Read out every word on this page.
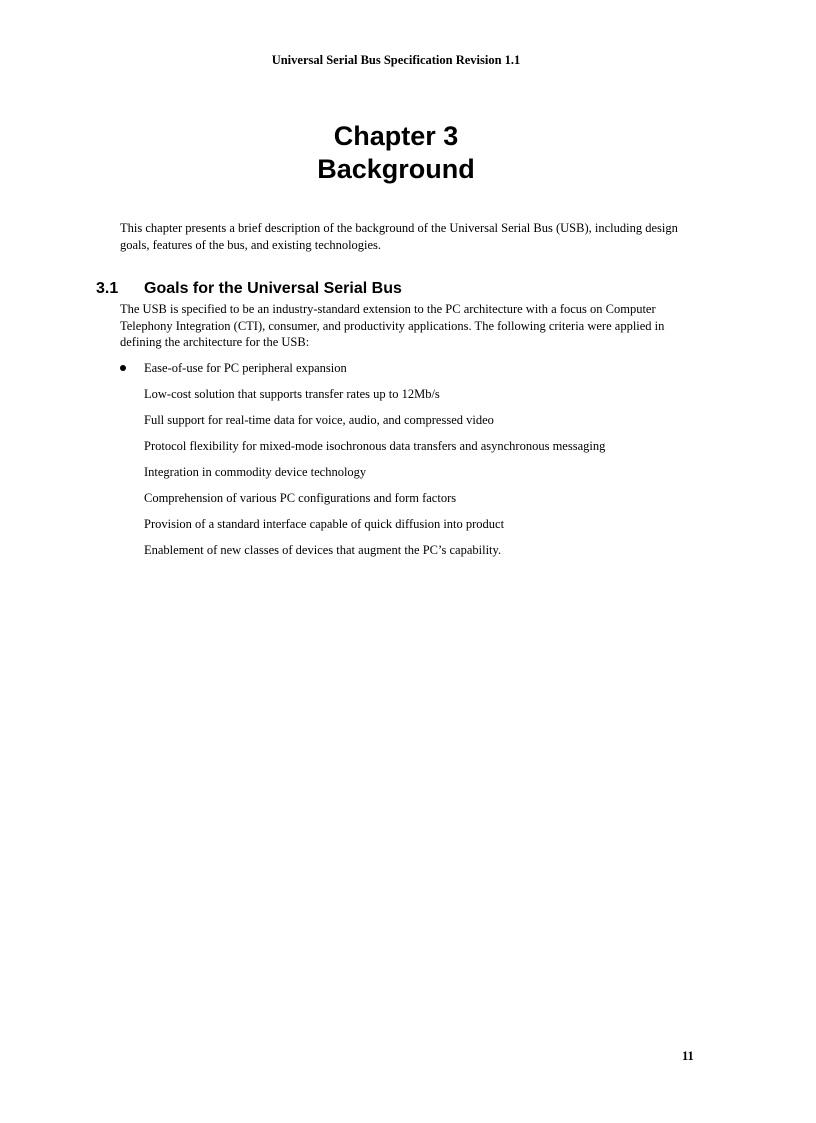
Universal Serial Bus Specification Revision 1.1
Chapter 3
Background

This chapter presents a brief description of the background of the Universal Serial Bus (USB), including design goals, features of the bus, and existing technologies.

3.1 Goals for the Universal Serial Bus

The USB is specified to be an industry-standard extension to the PC architecture with a focus on Computer Telephony Integration (CTI), consumer, and productivity applications. The following criteria were applied in defining the architecture for the USB:

Ease-of-use for PC peripheral expansion
Low-cost solution that supports transfer rates up to 12Mb/s
Full support for real-time data for voice, audio, and compressed video
Protocol flexibility for mixed-mode isochronous data transfers and asynchronous messaging
Integration in commodity device technology
Comprehension of various PC configurations and form factors
Provision of a standard interface capable of quick diffusion into product
Enablement of new classes of devices that augment the PC’s capability.
11
